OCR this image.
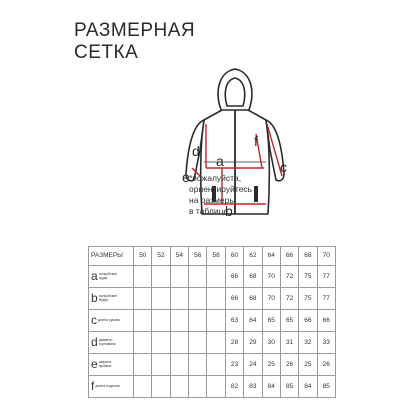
РАЗМЕРНАЯ
СЕТКА
d
a
f
c
e
b
*пожалуйста,
ориентируйтесь
на размеры
в таблице
РАЗМЕРЫ	50	52	54	56	58	60	62	64	66	68	70
aполуобхват груди						66	68	70	72	75	77
bполуобхват бедер						66	68	70	72	75	77
cдлина рукава						63	64	65	65	66	66
dдиаметр горловины						28	29	30	31	32	33
eширина проймы						23	24	25	26	25	26
fдлина изделия						82	83	84	85	84	85
